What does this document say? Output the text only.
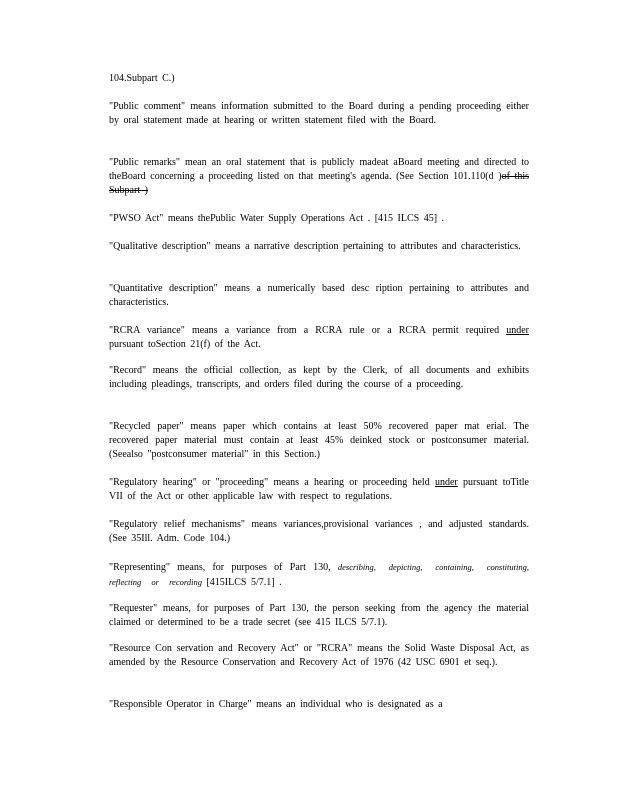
104.Subpart C.)

"Public comment" means information submitted to the Board during a pending proceeding either by oral statement made at hearing or written statement filed with the Board.

"Public remarks" mean an oral statement that is publicly madeat aBoard meeting and directed to theBoard concerning a proceeding listed on that meeting's agenda. (See Section 101.110(d )of this Subpart )

"PWSO Act" means thePublic Water Supply Operations Act . [415 ILCS 45] .

"Qualitative description" means a narrative description pertaining to attributes and characteristics.

"Quantitative description" means a numerically based desc ription pertaining to attributes and characteristics.

"RCRA variance" means a variance from a RCRA rule or a RCRA permit required under pursuant toSection 21(f) of the Act.

"Record" means the official collection, as kept by the Clerk, of all documents and exhibits including pleadings, transcripts, and orders filed during the course of a proceeding.

"Recycled paper" means paper which contains at least 50% recovered paper mat erial. The recovered paper material must contain at least 45% deinked stock or postconsumer material. (Seealso "postconsumer material" in this Section.)

"Regulatory hearing" or "proceeding" means a hearing or proceeding held under pursuant toTitle VII of the Act or other applicable law with respect to regulations.

"Regulatory relief mechanisms" means variances,provisional variances , and adjusted standards. (See 35Ill. Adm. Code 104.)

"Representing" means, for purposes of Part 130, describing, depicting, containing, constituting, reflecting or recording [415ILCS 5/7.1] .

"Requester" means, for purposes of Part 130, the person seeking from the agency the material claimed or determined to be a trade secret (see 415 ILCS 5/7.1).

"Resource Con servation and Recovery Act" or "RCRA" means the Solid Waste Disposal Act, as amended by the Resource Conservation and Recovery Act of 1976 (42 USC 6901 et seq.).

"Responsible Operator in Charge" means an individual who is designated as a
